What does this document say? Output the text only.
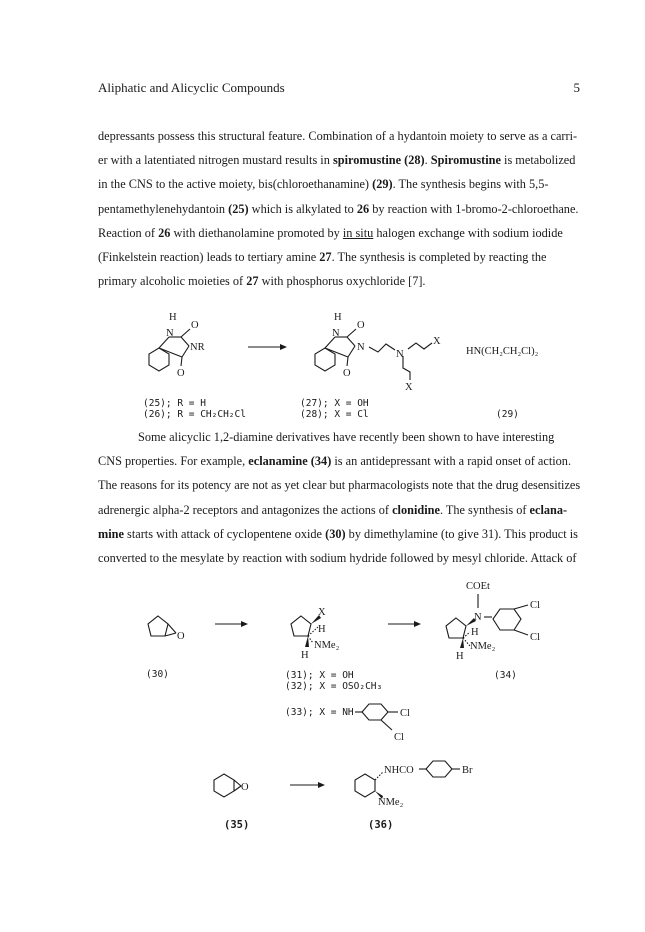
Aliphatic and Alicyclic Compounds	5

depressants possess this structural feature. Combination of a hydantoin moiety to serve as a carri-

er with a latentiated nitrogen mustard results in spiromustine (28). Spiromustine is metabolized

in the CNS to the active moiety, bis(chloroethanamine) (29). The synthesis begins with 5,5-

pentamethylenehydantoin (25) which is alkylated to 26 by reaction with 1-bromo-2-chloroethane.

Reaction of 26 with diethanolamine promoted by in situ halogen exchange with sodium iodide

(Finkelstein reaction) leads to tertiary amine 27. The synthesis is completed by reacting the

primary alcoholic moieties of 27 with phosphorus oxychloride [7].

H
N
O
NR
O
H
N
O
N
N
X
O
X
HN(CH₂CH₂Cl)₂
(25); R = H
(26); R = CH₂CH₂Cl
(27); X = OH
(28); X = Cl	(29)

Some alicyclic 1,2-diamine derivatives have recently been shown to have interesting

CNS properties. For example, eclanamine (34) is an antidepressant with a rapid onset of action.

The reasons for its potency are not as yet clear but pharmacologists note that the drug desensitizes

adrenergic alpha-2 receptors and antagonizes the actions of clonidine. The synthesis of eclana-

mine starts with attack of cyclopentene oxide (30) by dimethylamine (to give 31). This product is

converted to the mesylate by reaction with sodium hydride followed by mesyl chloride. Attack of

O
X
H
NMe₂
H
COEt
N
H
NMe₂
H
Cl
Cl
(30)	(31); X = OH
(32); X = OSO₂CH₃
(34)
(33); X = NH	Cl
Cl
O
NHCO	Br
NMe₂
(35)	(36)
